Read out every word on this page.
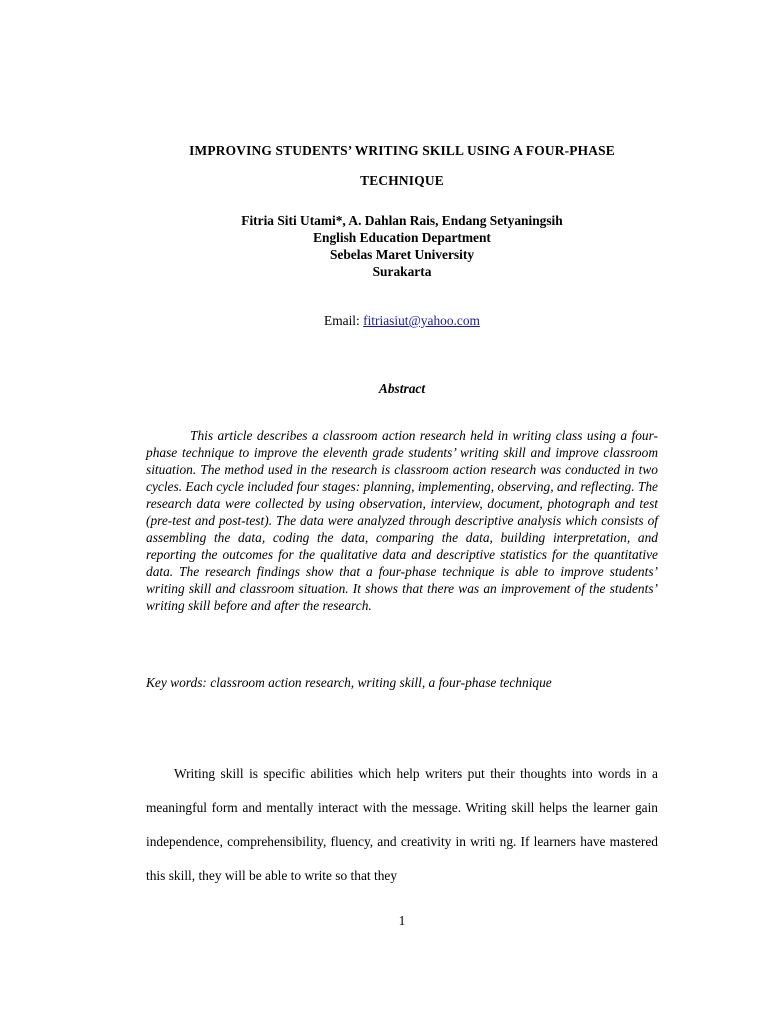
IMPROVING STUDENTS’ WRITING SKILL USING A FOUR-PHASE
TECHNIQUE
Fitria Siti Utami*, A. Dahlan Rais, Endang Setyaningsih
English Education Department
Sebelas Maret University
Surakarta
Email: fitriasiut@yahoo.com
Abstract

This article describes a classroom action research held in writing class using a four-phase technique to improve the eleventh grade students’ writing skill and improve classroom situation. The method used in the research is classroom action research was conducted in two cycles. Each cycle included four stages: planning, implementing, observing, and reflecting. The research data were collected by using observation, interview, document, photograph and test (pre-test and post-test). The data were analyzed through descriptive analysis which consists of assembling the data, coding the data, comparing the data, building interpretation, and reporting the outcomes for the qualitative data and descriptive statistics for the quantitative data. The research findings show that a four-phase technique is able to improve students’ writing skill and classroom situation. It shows that there was an improvement of the students’ writing skill before and after the research.

Key words: classroom action research, writing skill, a four-phase technique

Writing skill is specific abilities which help writers put their thoughts into words in a meaningful form and mentally interact with the message. Writing skill helps the learner gain independence, comprehensibility, fluency, and creativity in writi ng. If learners have mastered this skill, they will be able to write so that they

1
